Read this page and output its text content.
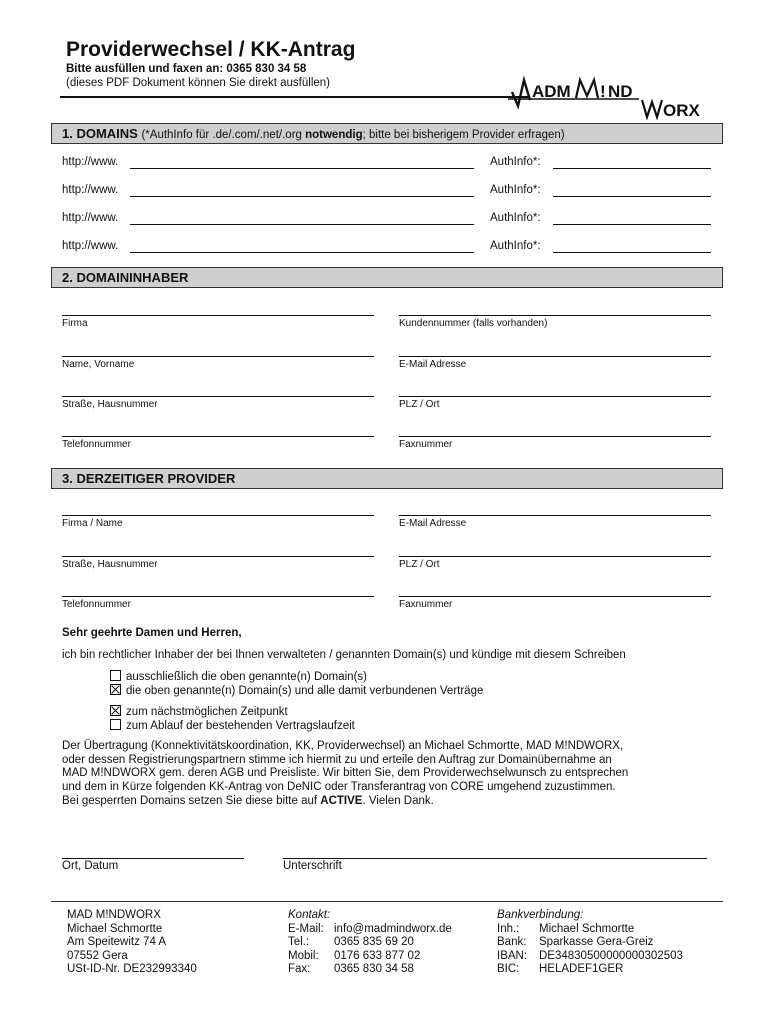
Providerwechsel / KK-Antrag
Bitte ausfüllen und faxen an: 0365 830 34 58
(dieses PDF Dokument können Sie direkt ausfüllen)	ADM ! ND
ORX
1. DOMAINS (*AuthInfo für .de/.com/.net/.org notwendig; bitte bei bisherigem Provider erfragen)
http://www.	AuthInfo*:
http://www.	AuthInfo*:
http://www.	AuthInfo*:
http://www.	AuthInfo*:
2. DOMAININHABER
Firma	Kundennummer (falls vorhanden)
Name, Vorname	E-Mail Adresse
Straße, Hausnummer	PLZ / Ort
Telefonnummer	Faxnummer
3. DERZEITIGER PROVIDER
Firma / Name	E-Mail Adresse
Straße, Hausnummer	PLZ / Ort
Telefonnummer	Faxnummer
Sehr geehrte Damen und Herren,
ich bin rechtlicher Inhaber der bei Ihnen verwalteten / genannten Domain(s) und kündige mit diesem Schreiben
ausschließlich die oben genannte(n) Domain(s)
die oben genannte(n) Domain(s) und alle damit verbundenen Verträge
zum nächstmöglichen Zeitpunkt
zum Ablauf der bestehenden Vertragslaufzeit

Der Übertragung (Konnektivitätskoordination, KK, Providerwechsel) an Michael Schmortte, MAD M!NDWORX,

oder dessen Registrierungspartnern stimme ich hiermit zu und erteile den Auftrag zur Domainübernahme an

MAD M!NDWORX gem. deren AGB und Preisliste. Wir bitten Sie, dem Providerwechselwunsch zu entsprechen

und dem in Kürze folgenden KK-Antrag von DeNIC oder Transferantrag von CORE umgehend zuzustimmen.

Bei gesperrten Domains setzen Sie diese bitte auf ACTIVE. Vielen Dank.

Ort, Datum	Unterschrift
MAD M!NDWORX
Michael Schmortte
Am Speitewitz 74 A
07552 Gera
USt-ID-Nr. DE232993340
Kontakt:
E-Mail: info@madmindworx.de
Tel.:	0365 835 69 20
Mobil:	0176 633 877 02
Fax:	0365 830 34 58
Bankverbindung:
Inh.:	Michael Schmortte
Bank:	Sparkasse Gera-Greiz
IBAN:	DE34830500000000302503
BIC:	HELADEF1GER
